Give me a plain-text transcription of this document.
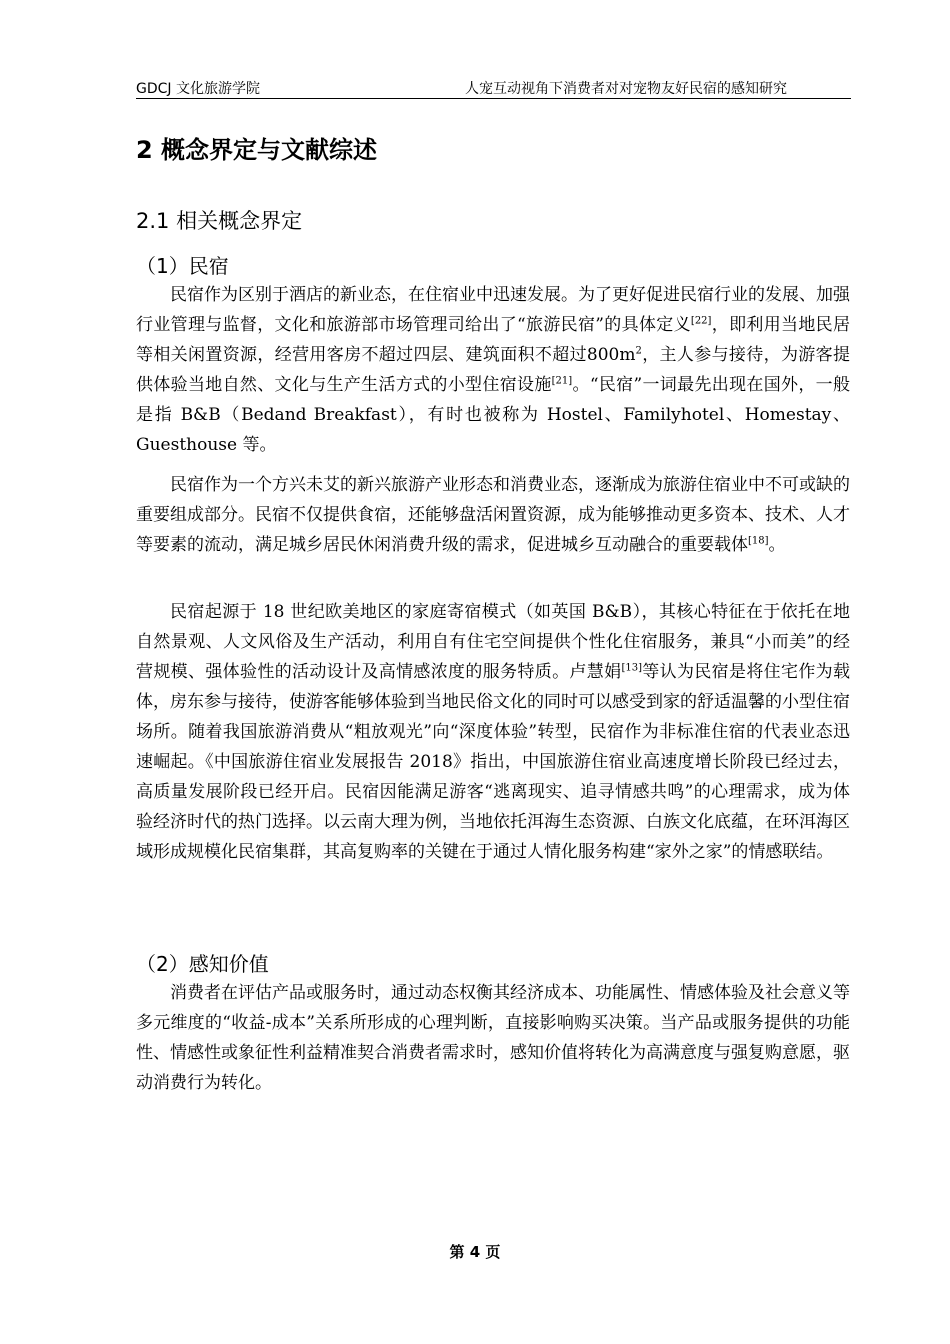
GDCJ 文化旅游学院	人宠互动视角下消费者对对宠物友好民宿的感知研究
2 概念界定与文献综述
2.1 相关概念界定
（1）民宿

民宿作为区别于酒店的新业态，在住宿业中迅速发展。为了更好促进民宿行业的发展、加强行业管理与监督，文化和旅游部市场管理司给出了“旅游民宿”的具体定义[22]，即利用当地民居等相关闲置资源，经营用客房不超过四层、建筑面积不超过$800m^2$，主人参与接待，为游客提供体验当地自然、文化与生产生活方式的小型住宿设施[21]。“民宿”一词最先出现在国外，一般是指 B&B（Bedand Breakfast），有时也被称为 Hostel、Familyhotel、Homestay、Guesthouse 等。

民宿作为一个方兴未艾的新兴旅游产业形态和消费业态，逐渐成为旅游住宿业中不可或缺的重要组成部分。民宿不仅提供食宿，还能够盘活闲置资源，成为能够推动更多资本、技术、人才等要素的流动，满足城乡居民休闲消费升级的需求，促进城乡互动融合的重要载体[18]。

民宿起源于 18 世纪欧美地区的家庭寄宿模式（如英国 B&B），其核心特征在于依托在地自然景观、人文风俗及生产活动，利用自有住宅空间提供个性化住宿服务，兼具“小而美”的经营规模、强体验性的活动设计及高情感浓度的服务特质。卢慧娟[13]等认为民宿是将住宅作为载体，房东参与接待，使游客能够体验到当地民俗文化的同时可以感受到家的舒适温馨的小型住宿场所。随着我国旅游消费从“粗放观光”向“深度体验”转型，民宿作为非标准住宿的代表业态迅速崛起。《中国旅游住宿业发展报告 2018》指出，中国旅游住宿业高速度增长阶段已经过去，高质量发展阶段已经开启。民宿因能满足游客“逃离现实、追寻情感共鸣”的心理需求，成为体验经济时代的热门选择。以云南大理为例，当地依托洱海生态资源、白族文化底蕴，在环洱海区域形成规模化民宿集群，其高复购率的关键在于通过人情化服务构建“家外之家”的情感联结。

（2）感知价值

消费者在评估产品或服务时，通过动态权衡其经济成本、功能属性、情感体验及社会意义等多元维度的“收益-成本”关系所形成的心理判断，直接影响购买决策。当产品或服务提供的功能性、情感性或象征性利益精准契合消费者需求时，感知价值将转化为高满意度与强复购意愿，驱动消费行为转化。

第 4 页
